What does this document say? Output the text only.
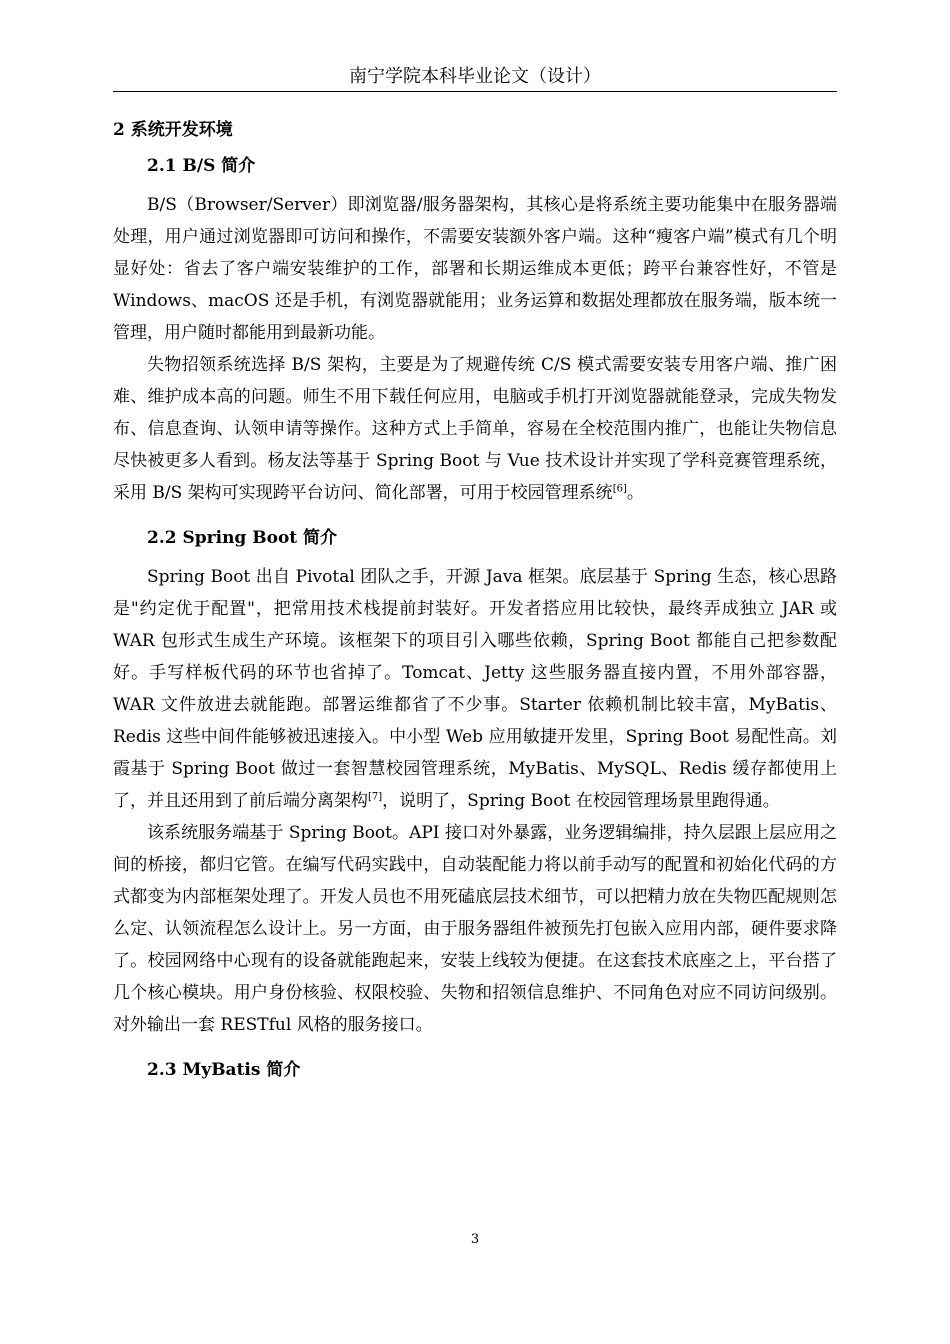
南宁学院本科毕业论文（设计）
2 系统开发环境
2.1 B/S 简介

B/S（Browser/Server）即浏览器/服务器架构，其核心是将系统主要功能集中在服务器端处理，用户通过浏览器即可访问和操作，不需要安装额外客户端。这种“瘦客户端”模式有几个明显好处：省去了客户端安装维护的工作，部署和长期运维成本更低；跨平台兼容性好，不管是 Windows、macOS 还是手机，有浏览器就能用；业务运算和数据处理都放在服务端，版本统一管理，用户随时都能用到最新功能。

失物招领系统选择 B/S 架构，主要是为了规避传统 C/S 模式需要安装专用客户端、推广困难、维护成本高的问题。师生不用下载任何应用，电脑或手机打开浏览器就能登录，完成失物发布、信息查询、认领申请等操作。这种方式上手简单，容易在全校范围内推广，也能让失物信息尽快被更多人看到。杨友法等基于 Spring Boot 与 Vue 技术设计并实现了学科竞赛管理系统，采用 B/S 架构可实现跨平台访问、简化部署，可用于校园管理系统[6]。

2.2 Spring Boot 简介

Spring Boot 出自 Pivotal 团队之手，开源 Java 框架。底层基于 Spring 生态，核心思路是"约定优于配置"，把常用技术栈提前封装好。开发者搭应用比较快，最终弄成独立 JAR 或 WAR 包形式生成生产环境。该框架下的项目引入哪些依赖，Spring Boot 都能自己把参数配好。手写样板代码的环节也省掉了。Tomcat、Jetty 这些服务器直接内置，不用外部容器，WAR 文件放进去就能跑。部署运维都省了不少事。Starter 依赖机制比较丰富，MyBatis、Redis 这些中间件能够被迅速接入。中小型 Web 应用敏捷开发里，Spring Boot 易配性高。刘霞基于 Spring Boot 做过一套智慧校园管理系统，MyBatis、MySQL、Redis 缓存都使用上了，并且还用到了前后端分离架构[7]，说明了，Spring Boot 在校园管理场景里跑得通。

该系统服务端基于 Spring Boot。API 接口对外暴露，业务逻辑编排，持久层跟上层应用之间的桥接，都归它管。在编写代码实践中，自动装配能力将以前手动写的配置和初始化代码的方式都变为内部框架处理了。开发人员也不用死磕底层技术细节，可以把精力放在失物匹配规则怎么定、认领流程怎么设计上。另一方面，由于服务器组件被预先打包嵌入应用内部，硬件要求降了。校园网络中心现有的设备就能跑起来，安装上线较为便捷。在这套技术底座之上，平台搭了几个核心模块。用户身份核验、权限校验、失物和招领信息维护、不同角色对应不同访问级别。对外输出一套 RESTful 风格的服务接口。

2.3 MyBatis 简介
3
